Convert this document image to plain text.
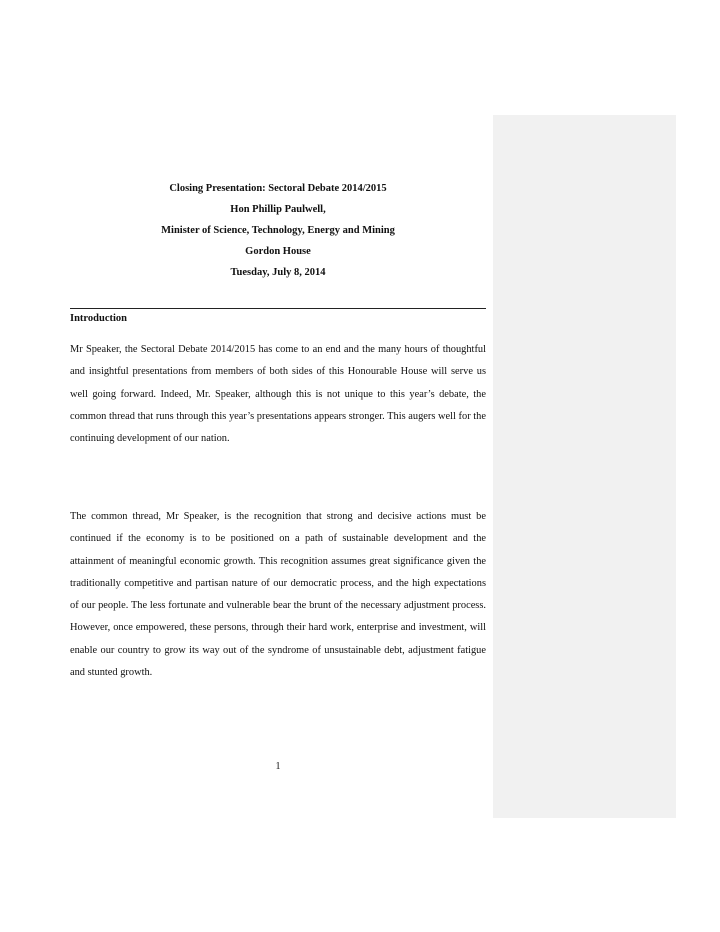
Closing Presentation: Sectoral Debate 2014/2015
Hon Phillip Paulwell,
Minister of Science, Technology, Energy and Mining
Gordon House
Tuesday, July 8, 2014
Introduction

Mr Speaker, the Sectoral Debate 2014/2015 has come to an end and the many hours of thoughtful and insightful presentations from members of both sides of this Honourable House will serve us well going forward. Indeed, Mr. Speaker, although this is not unique to this year’s debate, the common thread that runs through this year’s presentations appears stronger. This augers well for the continuing development of our nation.

The common thread, Mr Speaker, is the recognition that strong and decisive actions must be continued if the economy is to be positioned on a path of sustainable development and the attainment of meaningful economic growth. This recognition assumes great significance given the traditionally competitive and partisan nature of our democratic process, and the high expectations of our people. The less fortunate and vulnerable bear the brunt of the necessary adjustment process. However, once empowered, these persons, through their hard work, enterprise and investment, will enable our country to grow its way out of the syndrome of unsustainable debt, adjustment fatigue and stunted growth.

1
